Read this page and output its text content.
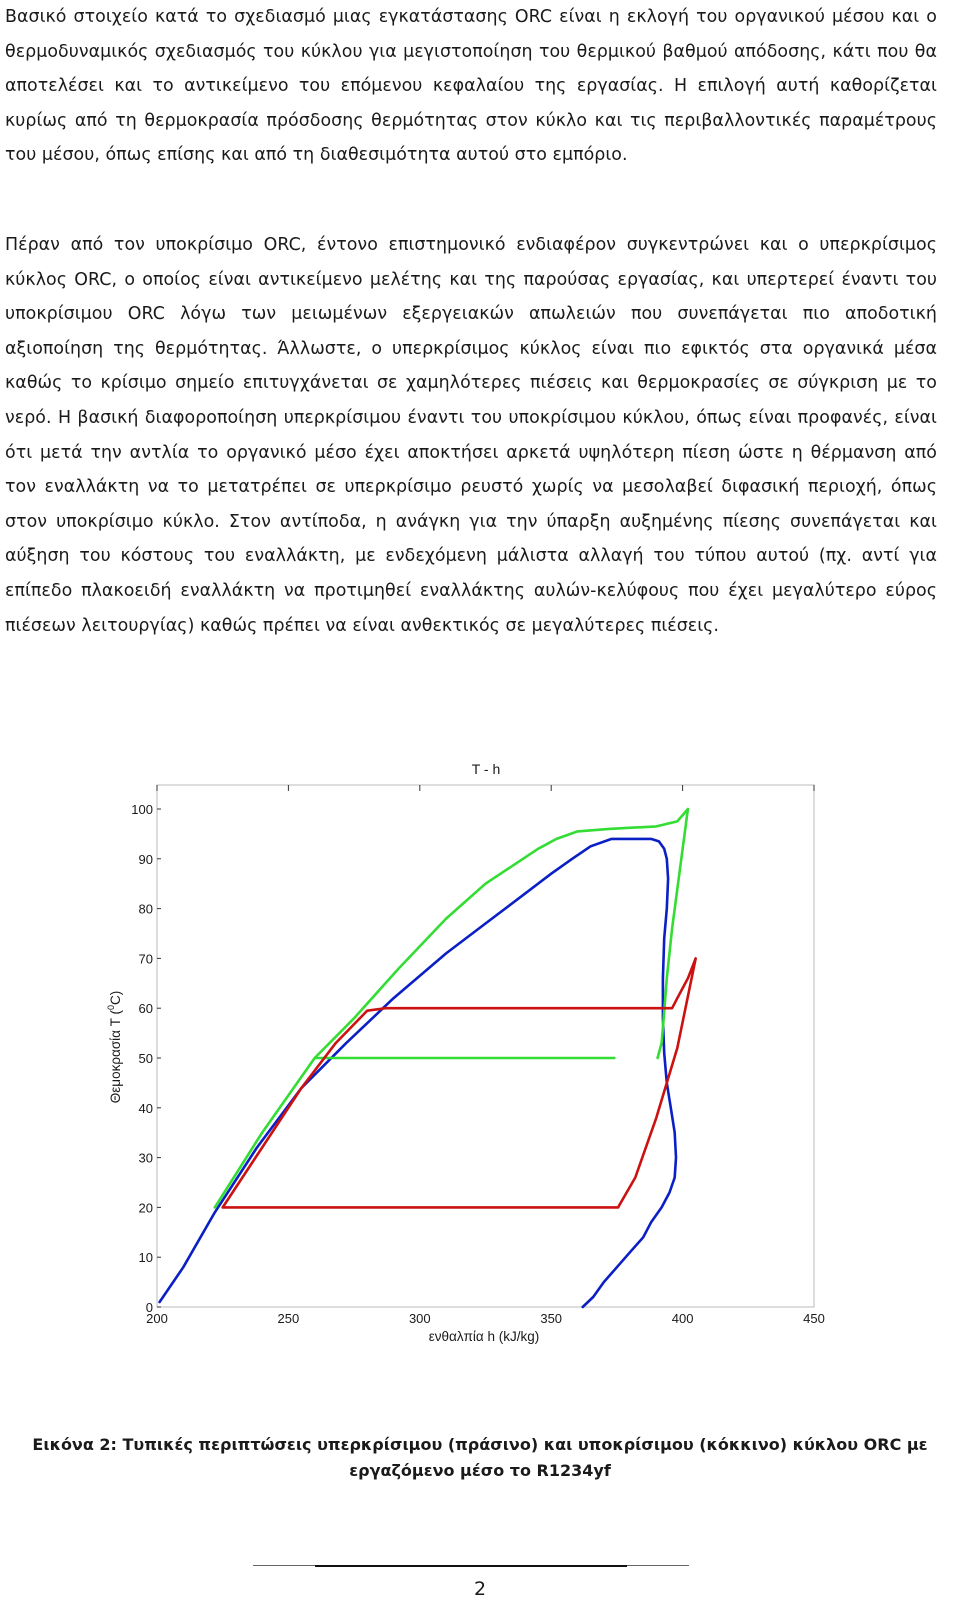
Βασικό στοιχείο κατά το σχεδιασμό μιας εγκατάστασης ORC είναι η εκλογή του οργανικού μέσου και ο θερμοδυναμικός σχεδιασμός του κύκλου για μεγιστοποίηση του θερμικού βαθμού απόδοσης, κάτι που θα αποτελέσει και το αντικείμενο του επόμενου κεφαλαίου της εργασίας. Η επιλογή αυτή καθορίζεται κυρίως από τη θερμοκρασία πρόσδοσης θερμότητας στον κύκλο και τις περιβαλλοντικές παραμέτρους του μέσου, όπως επίσης και από τη διαθεσιμότητα αυτού στο εμπόριο.

Πέραν από τον υποκρίσιμο ORC, έντονο επιστημονικό ενδιαφέρον συγκεντρώνει και ο υπερκρίσιμος κύκλος ORC, ο οποίος είναι αντικείμενο μελέτης και της παρούσας εργασίας, και υπερτερεί έναντι του υποκρίσιμου ORC λόγω των μειωμένων εξεργειακών απωλειών που συνεπάγεται πιο αποδοτική αξιοποίηση της θερμότητας. Άλλωστε, ο υπερκρίσιμος κύκλος είναι πιο εφικτός στα οργανικά μέσα καθώς το κρίσιμο σημείο επιτυγχάνεται σε χαμηλότερες πιέσεις και θερμοκρασίες σε σύγκριση με το νερό. Η βασική διαφοροποίηση υπερκρίσιμου έναντι του υποκρίσιμου κύκλου, όπως είναι προφανές, είναι ότι μετά την αντλία το οργανικό μέσο έχει αποκτήσει αρκετά υψηλότερη πίεση ώστε η θέρμανση από τον εναλλάκτη να το μετατρέπει σε υπερκρίσιμο ρευστό χωρίς να μεσολαβεί διφασική περιοχή, όπως στον υποκρίσιμο κύκλο. Στον αντίποδα, η ανάγκη για την ύπαρξη αυξημένης πίεσης συνεπάγεται και αύξηση του κόστους του εναλλάκτη, με ενδεχόμενη μάλιστα αλλαγή του τύπου αυτού (πχ. αντί για επίπεδο πλακοειδή εναλλάκτη να προτιμηθεί εναλλάκτης αυλών-κελύφους που έχει μεγαλύτερο εύρος πιέσεων λειτουργίας) καθώς πρέπει να είναι ανθεκτικός σε μεγαλύτερες πιέσεις.

T - h
0
10
20
30
40
50
60
70
80
90
100
200	250	300	350	400	450
ενθαλπία h (kJ/kg)
Θεμοκρασία T ($^0$C)
Εικόνα 2: Τυπικές περιπτώσεις υπερκρίσιμου (πράσινο) και υποκρίσιμου (κόκκινο) κύκλου ORC με
εργαζόμενο μέσο το R1234yf
2
